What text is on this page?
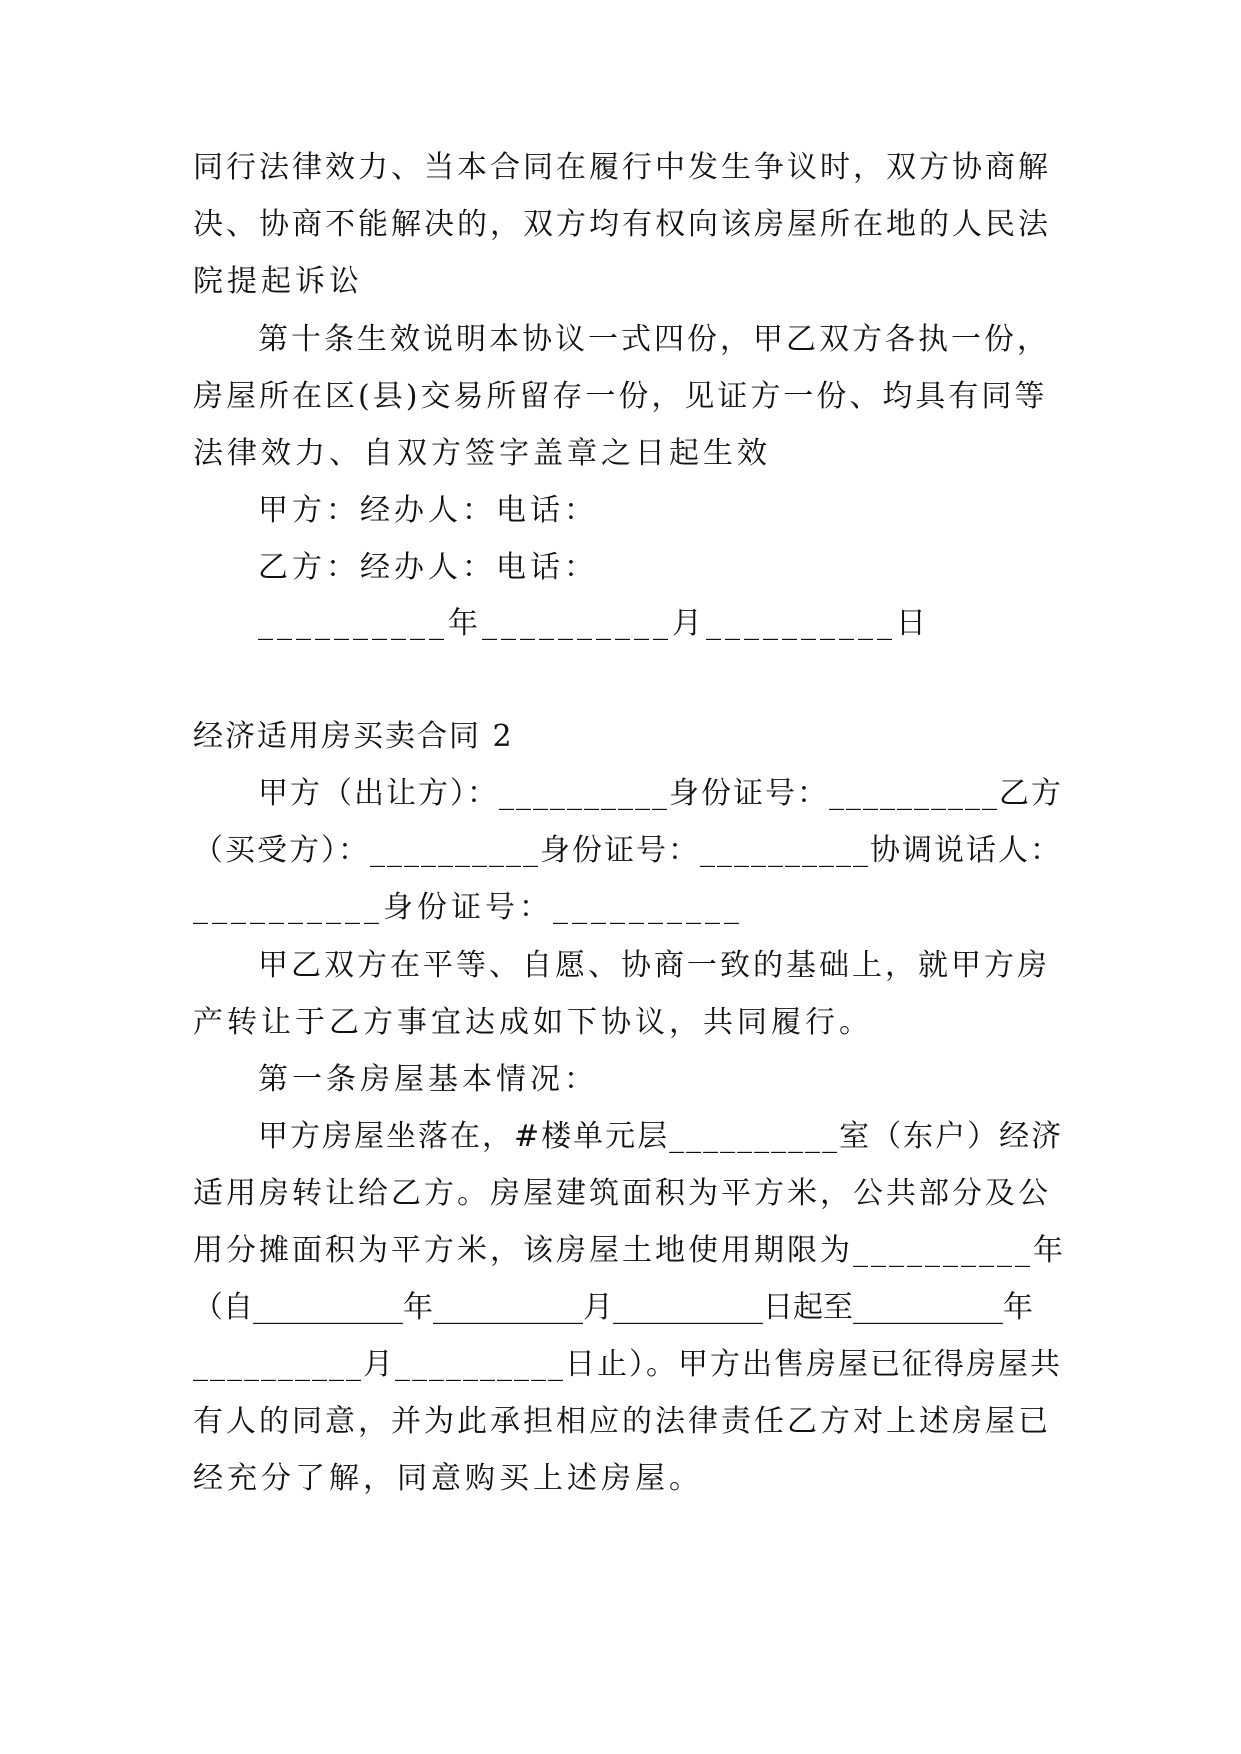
同行法律效力、当本合同在履行中发生争议时，双方协商解
决、协商不能解决的，双方均有权向该房屋所在地的人民法
院提起诉讼
第十条生效说明本协议一式四份，甲乙双方各执一份，
房屋所在区(县)交易所留存一份，见证方一份、均具有同等
法律效力、自双方签字盖章之日起生效
甲方：经办人：电话：
乙方：经办人：电话：
__________年__________月__________日
经济适用房买卖合同 2
甲方（出让方）：__________身份证号：__________乙方
（买受方）：__________身份证号：__________协调说话人：
__________身份证号：__________
甲乙双方在平等、自愿、协商一致的基础上，就甲方房
产转让于乙方事宜达成如下协议，共同履行。
第一条房屋基本情况：
甲方房屋坐落在，#楼单元层__________室（东户）经济
适用房转让给乙方。房屋建筑面积为平方米，公共部分及公
用分摊面积为平方米，该房屋土地使用期限为__________年
（自__________年__________月__________日起至__________年
__________月__________日止）。甲方出售房屋已征得房屋共
有人的同意，并为此承担相应的法律责任乙方对上述房屋已
经充分了解，同意购买上述房屋。
